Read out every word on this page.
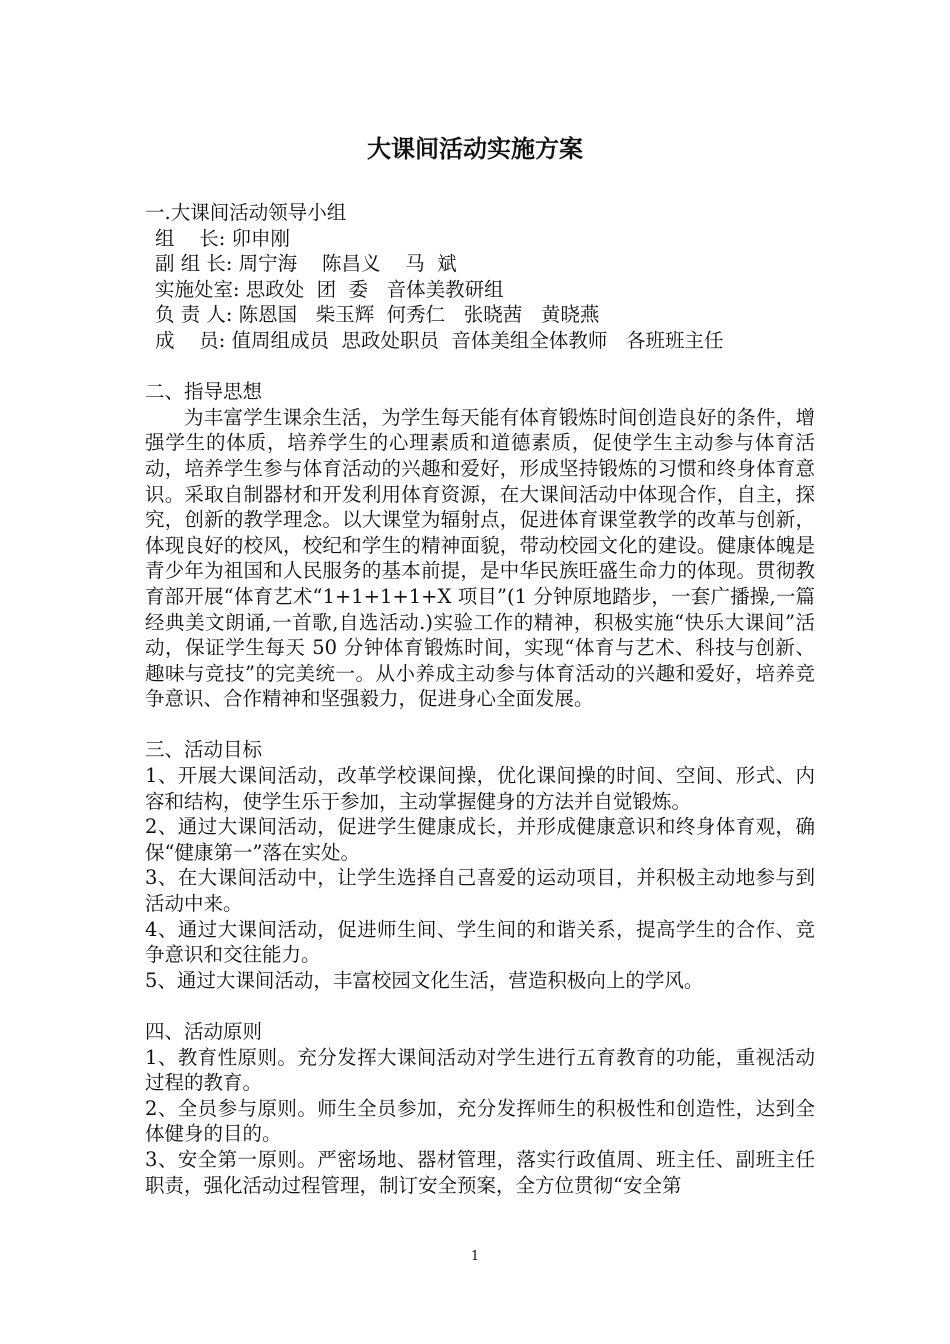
大课间活动实施方案
一.大课间活动领导小组
组    长: 卯申刚
副 组 长: 周宁海    陈昌义    马  斌
实施处室: 思政处  团  委   音体美教研组
负 责 人: 陈恩国   柴玉辉  何秀仁   张晓茜   黄晓燕
成    员: 值周组成员  思政处职员  音体美组全体教师   各班班主任
二、指导思想
为丰富学生课余生活，为学生每天能有体育锻炼时间创造良好的条件，增强学生的体质，培养学生的心理素质和道德素质，促使学生主动参与体育活动，培养学生参与体育活动的兴趣和爱好，形成坚持锻炼的习惯和终身体育意识。采取自制器材和开发利用体育资源，在大课间活动中体现合作，自主，探究，创新的教学理念。以大课堂为辐射点，促进体育课堂教学的改革与创新，体现良好的校风，校纪和学生的精神面貌，带动校园文化的建设。健康体魄是青少年为祖国和人民服务的基本前提，是中华民族旺盛生命力的体现。贯彻教育部开展“体育艺术“1+1+1+1+X 项目”(1 分钟原地踏步，一套广播操,一篇经典美文朗诵,一首歌,自选活动.)实验工作的精神，积极实施“快乐大课间”活动，保证学生每天 50 分钟体育锻炼时间，实现“体育与艺术、科技与创新、趣味与竞技”的完美统一。从小养成主动参与体育活动的兴趣和爱好，培养竞争意识、合作精神和坚强毅力，促进身心全面发展。
三、活动目标
1、开展大课间活动，改革学校课间操，优化课间操的时间、空间、形式、内容和结构，使学生乐于参加，主动掌握健身的方法并自觉锻炼。
2、通过大课间活动，促进学生健康成长，并形成健康意识和终身体育观，确保“健康第一”落在实处。
3、在大课间活动中，让学生选择自己喜爱的运动项目，并积极主动地参与到活动中来。
4、通过大课间活动，促进师生间、学生间的和谐关系，提高学生的合作、竞争意识和交往能力。
5、通过大课间活动，丰富校园文化生活，营造积极向上的学风。
四、活动原则
1、教育性原则。充分发挥大课间活动对学生进行五育教育的功能，重视活动过程的教育。
2、全员参与原则。师生全员参加，充分发挥师生的积极性和创造性，达到全体健身的目的。
3、安全第一原则。严密场地、器材管理，落实行政值周、班主任、副班主任职责，强化活动过程管理，制订安全预案，全方位贯彻“安全第
1
